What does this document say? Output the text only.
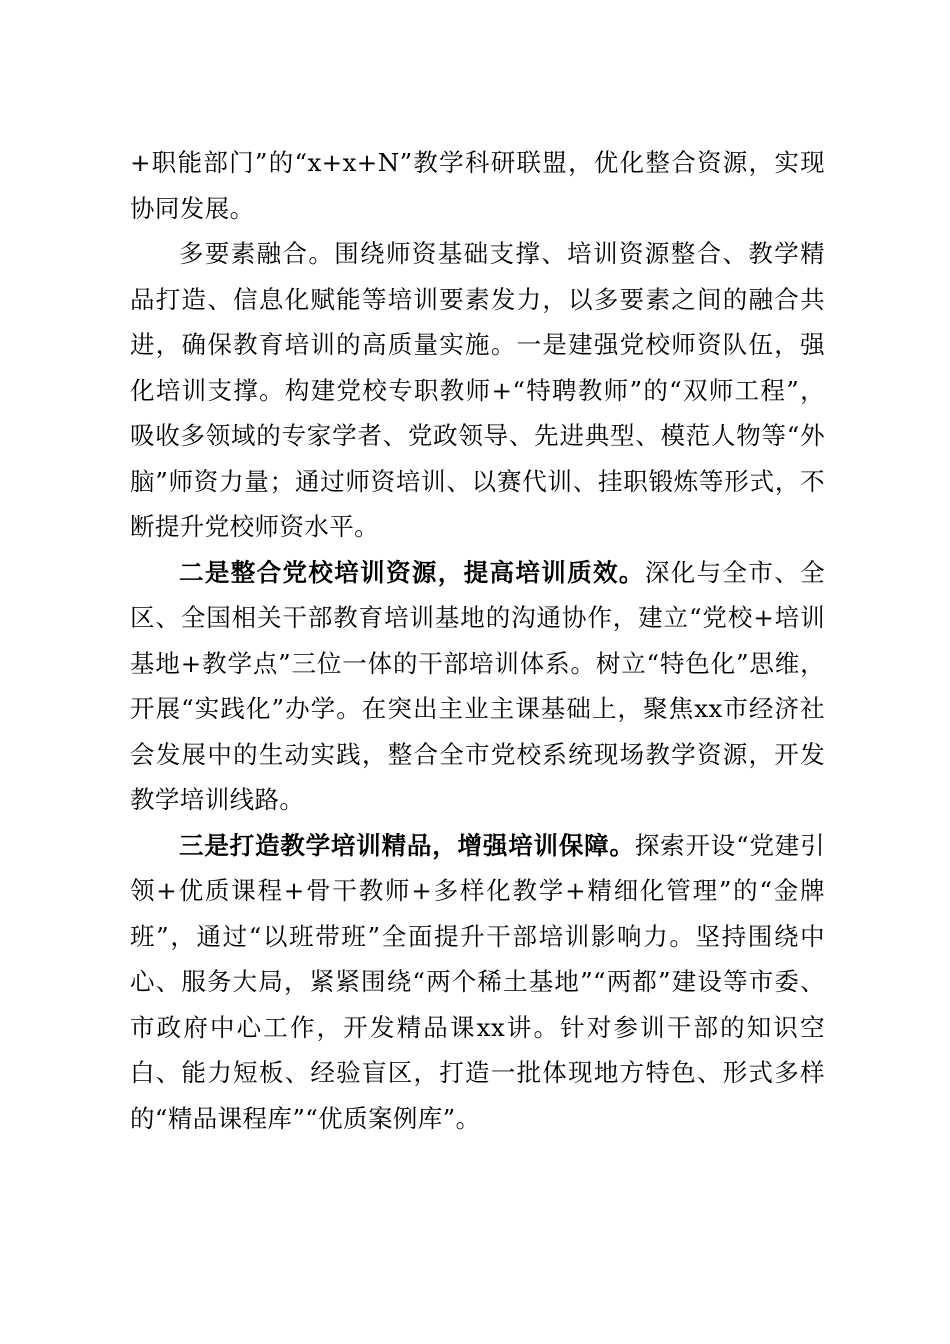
+职能部门”的“x+x+N”教学科研联盟，优化整合资源，实现协同发展。

多要素融合。围绕师资基础支撑、培训资源整合、教学精品打造、信息化赋能等培训要素发力，以多要素之间的融合共进，确保教育培训的高质量实施。一是建强党校师资队伍，强化培训支撑。构建党校专职教师+“特聘教师”的“双师工程”，吸收多领域的专家学者、党政领导、先进典型、模范人物等“外脑”师资力量；通过师资培训、以赛代训、挂职锻炼等形式，不断提升党校师资水平。

二是整合党校培训资源，提高培训质效。深化与全市、全区、全国相关干部教育培训基地的沟通协作，建立“党校+培训基地+教学点”三位一体的干部培训体系。树立“特色化”思维，开展“实践化”办学。在突出主业主课基础上，聚焦xx市经济社会发展中的生动实践，整合全市党校系统现场教学资源，开发教学培训线路。

三是打造教学培训精品，增强培训保障。探索开设“党建引领+优质课程+骨干教师+多样化教学+精细化管理”的“金牌班”，通过“以班带班”全面提升干部培训影响力。坚持围绕中心、服务大局，紧紧围绕“两个稀土基地”“两都”建设等市委、市政府中心工作，开发精品课xx讲。针对参训干部的知识空白、能力短板、经验盲区，打造一批体现地方特色、形式多样的“精品课程库”“优质案例库”。
